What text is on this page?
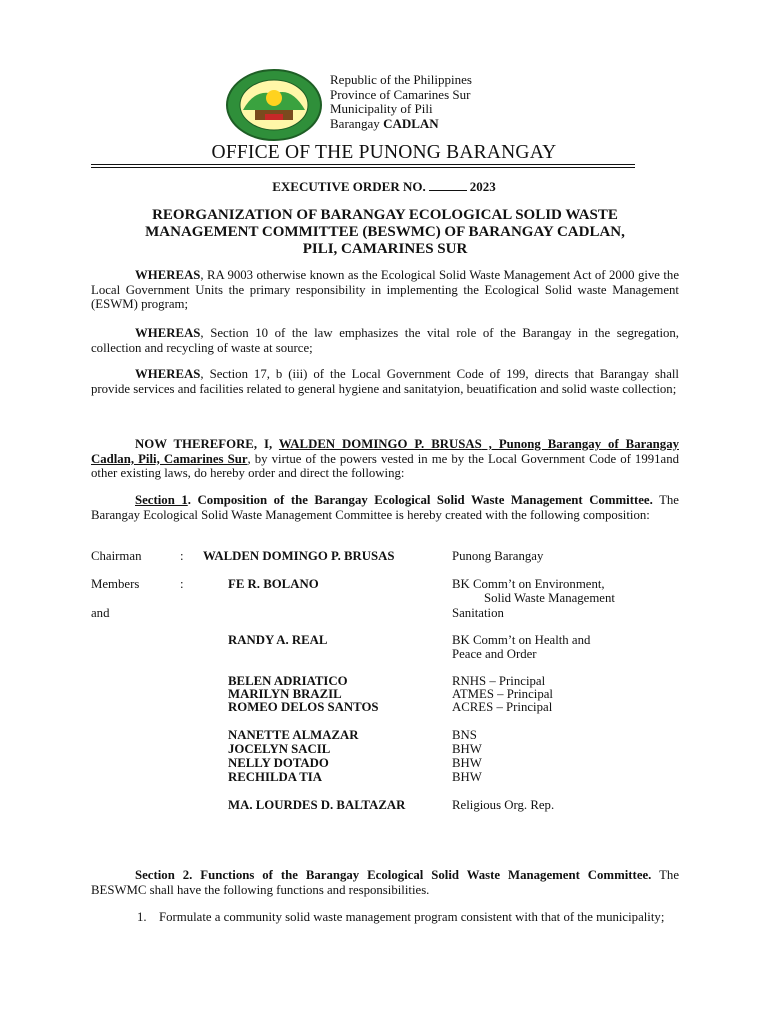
Republic of the Philippines
Province of Camarines Sur
Municipality of Pili
Barangay CADLAN
OFFICE OF THE PUNONG BARANGAY
EXECUTIVE ORDER NO.	2023
REORGANIZATION OF BARANGAY ECOLOGICAL SOLID WASTE
MANAGEMENT COMMITTEE (BESWMC) OF BARANGAY CADLAN,
PILI, CAMARINES SUR
WHEREAS, RA 9003 otherwise known as the Ecological Solid Waste Management Act of 2000 give the Local Government Units the primary responsibility in implementing the Ecological Solid waste Management (ESWM) program;
WHEREAS, Section 10 of the law emphasizes the vital role of the Barangay in the segregation, collection and recycling of waste at source;
WHEREAS, Section 17, b (iii) of the Local Government Code of 199, directs that Barangay shall provide services and facilities related to general hygiene and sanitatyion, beuatification and solid waste collection;
NOW THEREFORE, I, WALDEN DOMINGO P. BRUSAS , Punong Barangay of Barangay Cadlan, Pili, Camarines Sur, by virtue of the powers vested in me by the Local Government Code of 1991and other existing laws, do hereby order and direct the following:
Section 1. Composition of the Barangay Ecological Solid Waste Management Committee. The Barangay Ecological Solid Waste Management Committee is hereby created with the following composition:
Chairman	: WALDEN DOMINGO P. BRUSAS	Punong Barangay
Members	:	FE R. BOLANO	BK Comm’t on Environment,
Solid Waste Management
and	Sanitation
RANDY A. REAL	BK Comm’t on Health and
Peace and Order
BELEN ADRIATICO	RNHS – Principal
MARILYN BRAZIL	ATMES – Principal
ROMEO DELOS SANTOS	ACRES – Principal
NANETTE ALMAZAR	BNS
JOCELYN SACIL	BHW
NELLY DOTADO	BHW
RECHILDA TIA	BHW
MA. LOURDES D. BALTAZAR	Religious Org. Rep.
Section 2. Functions of the Barangay Ecological Solid Waste Management Committee. The BESWMC shall have the following functions and responsibilities.
1. Formulate a community solid waste management program consistent with that of the municipality;
